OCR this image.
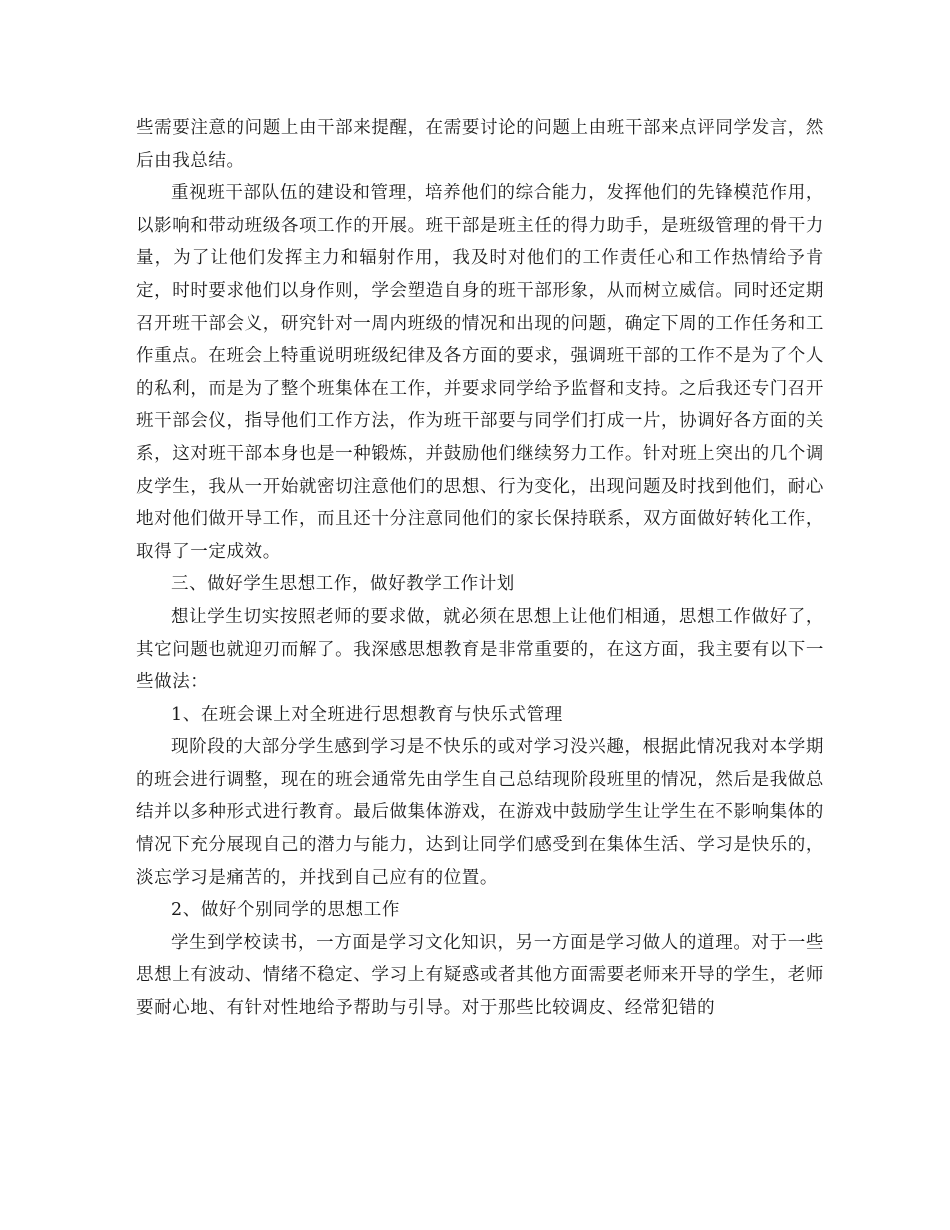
些需要注意的问题上由干部来提醒，在需要讨论的问题上由班干部来点评同学发言，然后由我总结。

重视班干部队伍的建设和管理，培养他们的综合能力，发挥他们的先锋模范作用，以影响和带动班级各项工作的开展。班干部是班主任的得力助手，是班级管理的骨干力量，为了让他们发挥主力和辐射作用，我及时对他们的工作责任心和工作热情给予肯定，时时要求他们以身作则，学会塑造自身的班干部形象，从而树立威信。同时还定期召开班干部会义，研究针对一周内班级的情况和出现的问题，确定下周的工作任务和工作重点。在班会上特重说明班级纪律及各方面的要求，强调班干部的工作不是为了个人的私利，而是为了整个班集体在工作，并要求同学给予监督和支持。之后我还专门召开班干部会仪，指导他们工作方法，作为班干部要与同学们打成一片，协调好各方面的关系，这对班干部本身也是一种锻炼，并鼓励他们继续努力工作。针对班上突出的几个调皮学生，我从一开始就密切注意他们的思想、行为变化，出现问题及时找到他们，耐心地对他们做开导工作，而且还十分注意同他们的家长保持联系，双方面做好转化工作，取得了一定成效。

三、做好学生思想工作，做好教学工作计划

想让学生切实按照老师的要求做，就必须在思想上让他们相通，思想工作做好了，其它问题也就迎刃而解了。我深感思想教育是非常重要的，在这方面，我主要有以下一些做法：

1、在班会课上对全班进行思想教育与快乐式管理

现阶段的大部分学生感到学习是不快乐的或对学习没兴趣，根据此情况我对本学期的班会进行调整，现在的班会通常先由学生自己总结现阶段班里的情况，然后是我做总结并以多种形式进行教育。最后做集体游戏，在游戏中鼓励学生让学生在不影响集体的情况下充分展现自己的潜力与能力，达到让同学们感受到在集体生活、学习是快乐的，淡忘学习是痛苦的，并找到自己应有的位置。

2、做好个别同学的思想工作

学生到学校读书，一方面是学习文化知识，另一方面是学习做人的道理。对于一些思想上有波动、情绪不稳定、学习上有疑惑或者其他方面需要老师来开导的学生，老师要耐心地、有针对性地给予帮助与引导。对于那些比较调皮、经常犯错的
